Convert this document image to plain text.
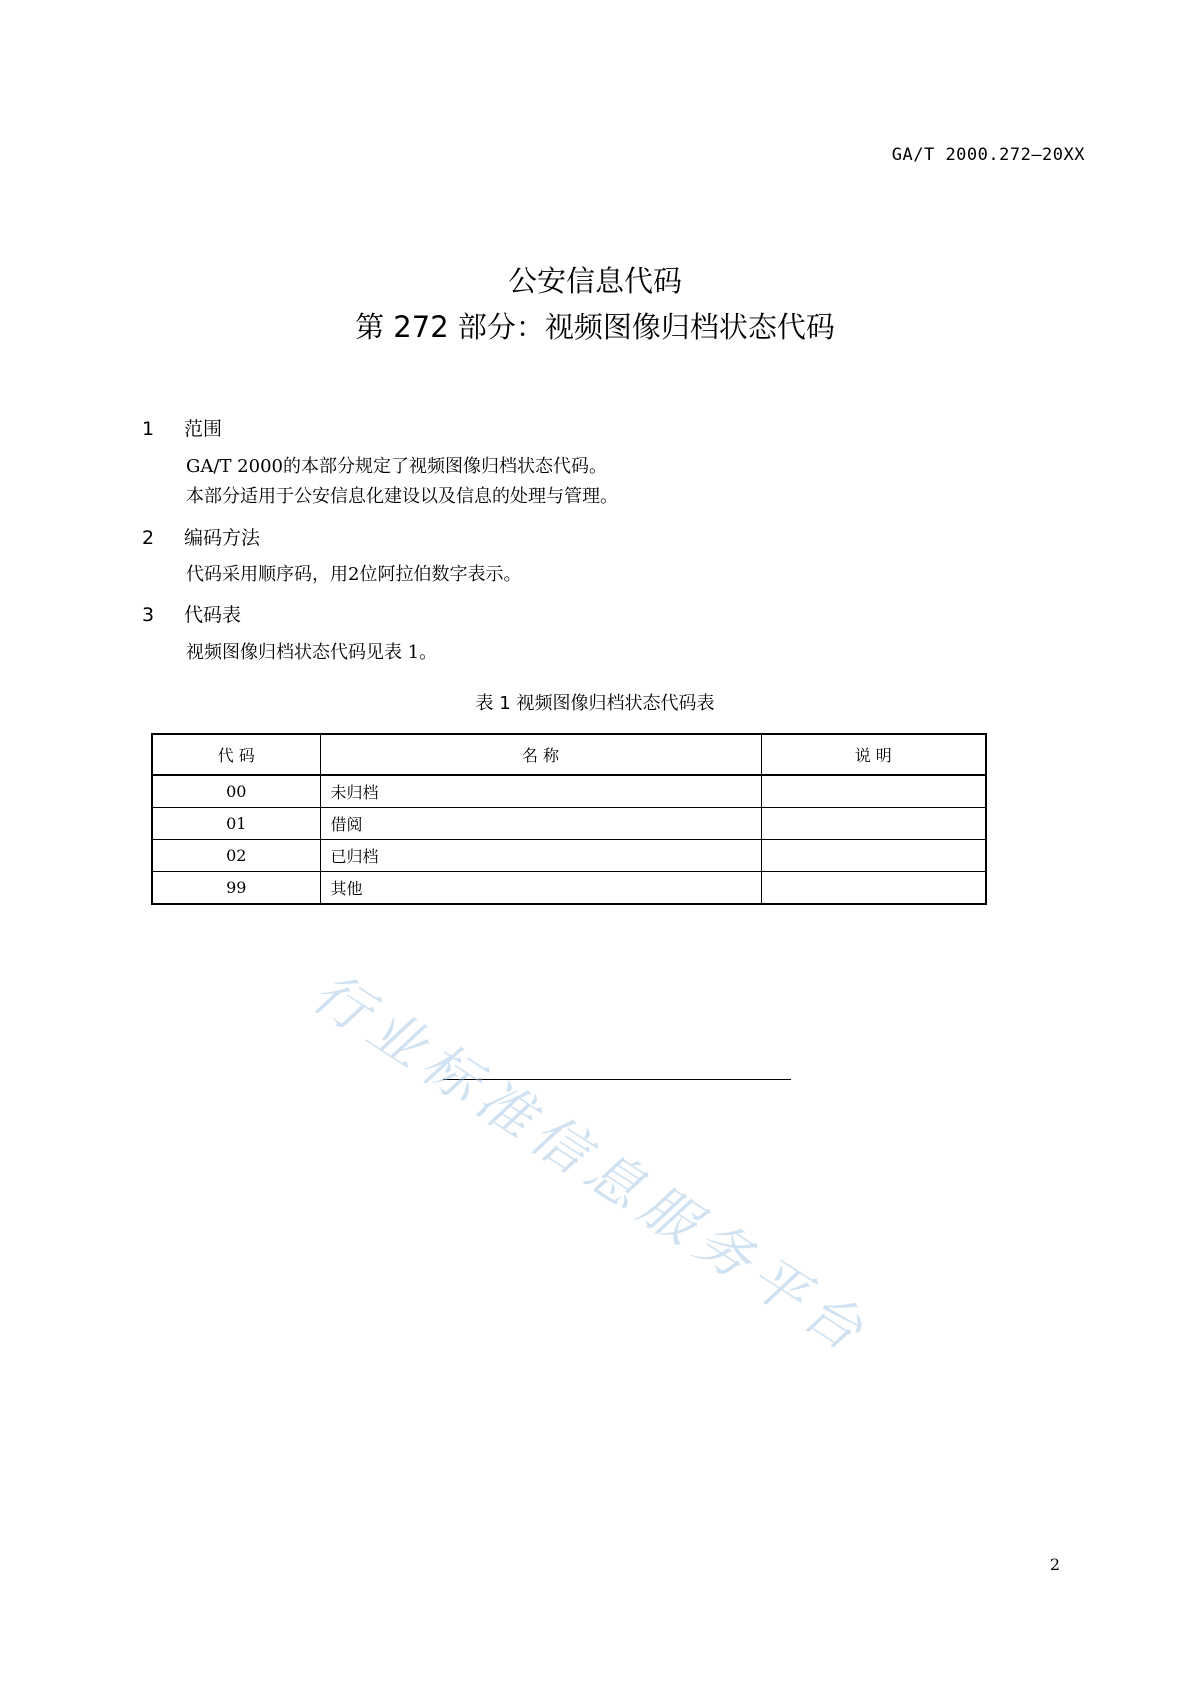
GA/T 2000.272—20XX
公安信息代码
第 272 部分：视频图像归档状态代码
1 范围
GA/T 2000的本部分规定了视频图像归档状态代码。
本部分适用于公安信息化建设以及信息的处理与管理。
2 编码方法
代码采用顺序码，用2位阿拉伯数字表示。
3 代码表
视频图像归档状态代码见表 1。
表 1 视频图像归档状态代码表
代 码	名 称	说 明
00	未归档	
01	借阅	
02	已归档	
99	其他	
行业标准信息服务平台
2
